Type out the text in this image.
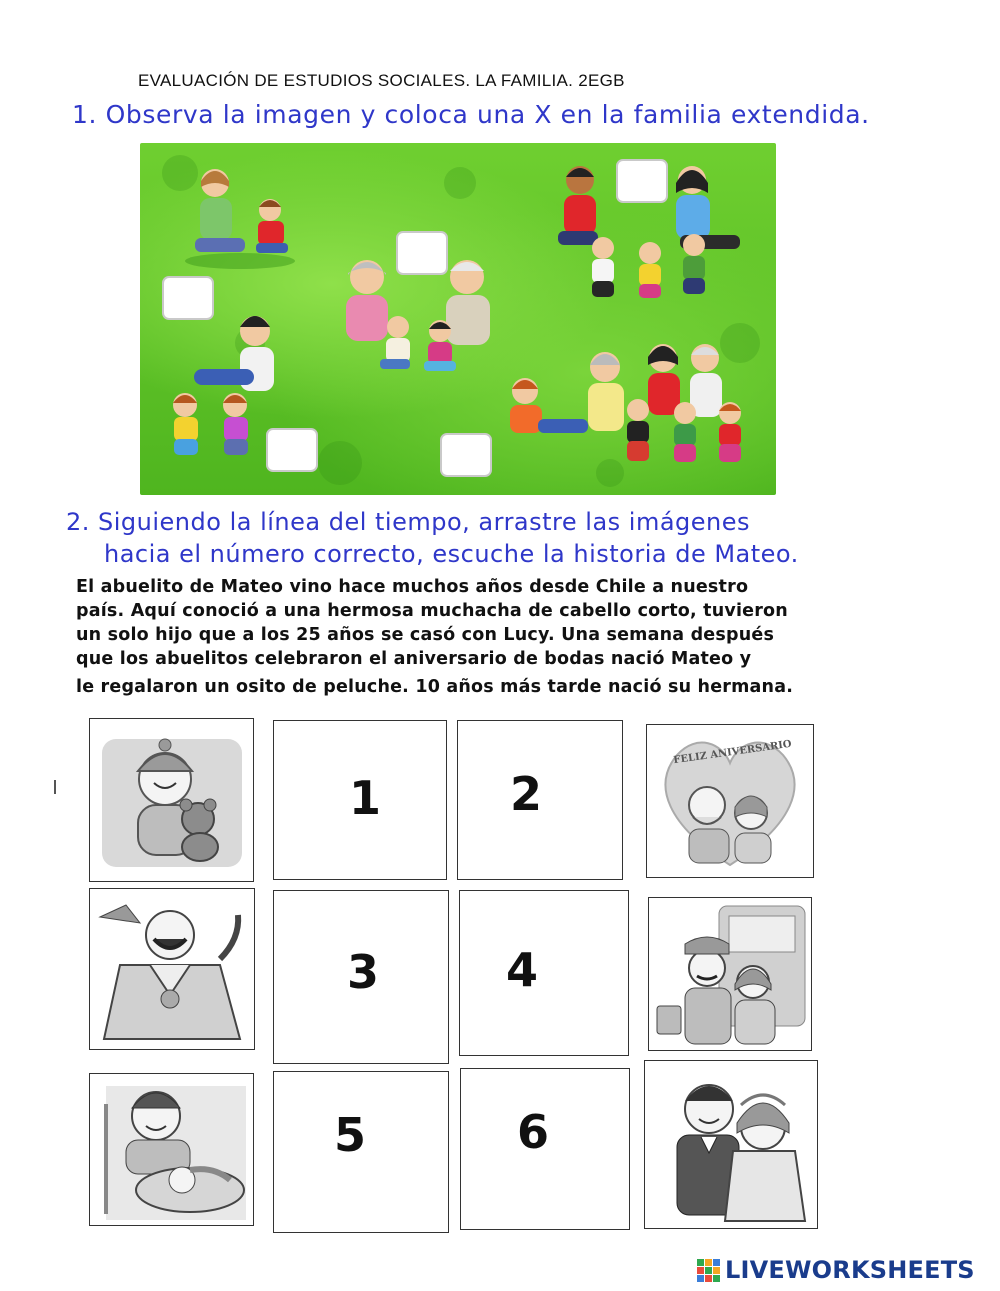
EVALUACIÓN DE ESTUDIOS SOCIALES. LA FAMILIA. 2EGB
1. Observa la imagen y coloca una X en la familia extendida.
2. Siguiendo la línea del tiempo, arrastre las imágenes
hacia el número correcto, escuche la historia de Mateo.
El abuelito de Mateo vino hace muchos años desde Chile a nuestro
país. Aquí conoció a una hermosa muchacha de cabello corto, tuvieron
un solo hijo que a los 25 años se casó con Lucy. Una semana después
que los abuelitos celebraron el aniversario de bodas nació Mateo y
le regalaron un osito de peluche. 10 años más tarde nació su hermana.
1	2
FELIZ ANIVERSARIO
3	4
5	6
LIVEWORKSHEETS
